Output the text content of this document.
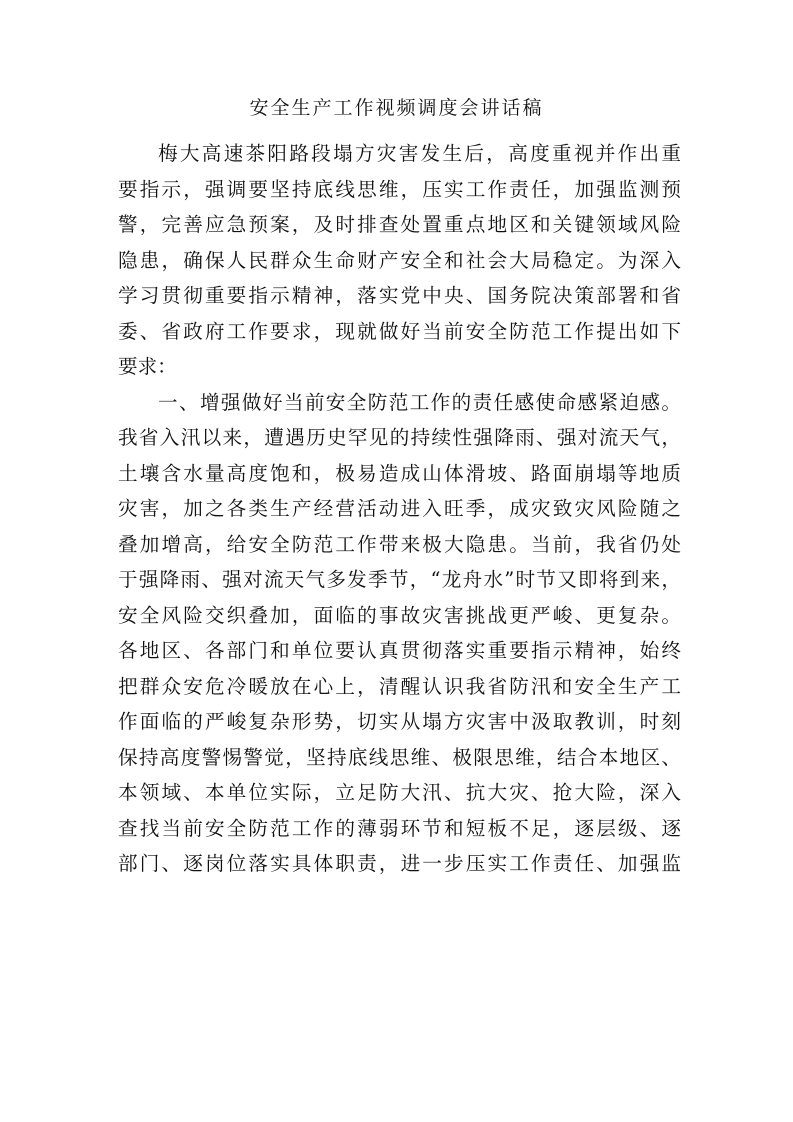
安全生产工作视频调度会讲话稿
梅大高速茶阳路段塌方灾害发生后，高度重视并作出重
要指示，强调要坚持底线思维，压实工作责任，加强监测预
警，完善应急预案，及时排查处置重点地区和关键领域风险
隐患，确保人民群众生命财产安全和社会大局稳定。为深入
学习贯彻重要指示精神，落实党中央、国务院决策部署和省
委、省政府工作要求，现就做好当前安全防范工作提出如下
要求：
一、增强做好当前安全防范工作的责任感使命感紧迫感。
我省入汛以来，遭遇历史罕见的持续性强降雨、强对流天气，
土壤含水量高度饱和，极易造成山体滑坡、路面崩塌等地质
灾害，加之各类生产经营活动进入旺季，成灾致灾风险随之
叠加增高，给安全防范工作带来极大隐患。当前，我省仍处
于强降雨、强对流天气多发季节，“龙舟水”时节又即将到来，
安全风险交织叠加，面临的事故灾害挑战更严峻、更复杂。
各地区、各部门和单位要认真贯彻落实重要指示精神，始终
把群众安危冷暖放在心上，清醒认识我省防汛和安全生产工
作面临的严峻复杂形势，切实从塌方灾害中汲取教训，时刻
保持高度警惕警觉，坚持底线思维、极限思维，结合本地区、
本领域、本单位实际，立足防大汛、抗大灾、抢大险，深入
查找当前安全防范工作的薄弱环节和短板不足，逐层级、逐
部门、逐岗位落实具体职责，进一步压实工作责任、加强监
